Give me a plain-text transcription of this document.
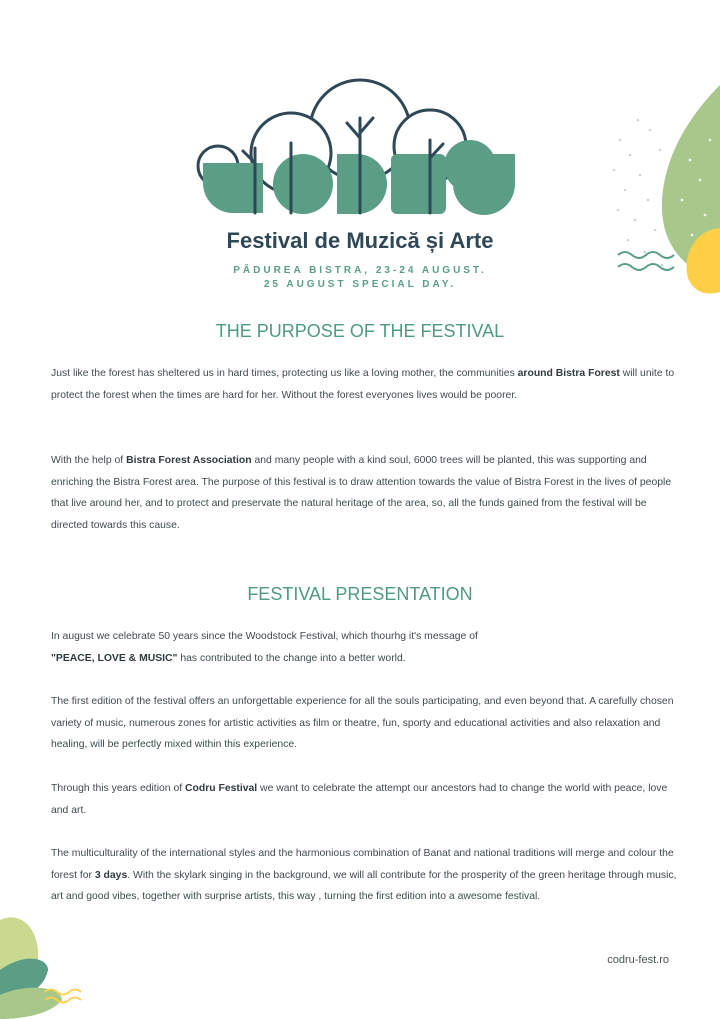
Festival de Muzică și Arte
PĂDUREA BISTRA, 23-24 AUGUST.
25 AUGUST SPECIAL DAY.
THE PURPOSE OF THE FESTIVAL
Just like the forest has sheltered us in hard times, protecting us like a loving mother, the communities around Bistra Forest will unite to protect the forest when the times are hard for her. Without the forest everyones lives would be poorer.
With the help of Bistra Forest Association and many people with a kind soul, 6000 trees will be planted, this was supporting and enriching the Bistra Forest area. The purpose of this festival is to draw attention towards the value of Bistra Forest in the lives of people that live around her, and to protect and preservate the natural heritage of the area, so, all the funds gained from the festival will be directed towards this cause.
FESTIVAL PRESENTATION
In august we celebrate 50 years since the Woodstock Festival, which thourhg it's message of
"PEACE, LOVE & MUSIC" has contributed to the change into a better world.
The first edition of the festival offers an unforgettable experience for all the souls participating, and even beyond that. A carefully chosen variety of music, numerous zones for artistic activities as film or theatre, fun, sporty and educational activities and also relaxation and healing, will be perfectly mixed within this experience.
Through this years edition of Codru Festival we want to celebrate the attempt our ancestors had to change the world with peace, love and art.
The multiculturality of the international styles and the harmonious combination of Banat and national traditions will merge and colour the forest for 3 days. With the skylark singing in the background, we will all contribute for the prosperity of the green heritage through music, art and good vibes, together with surprise artists, this way , turning the first edition into a awesome festival.
codru-fest.ro
